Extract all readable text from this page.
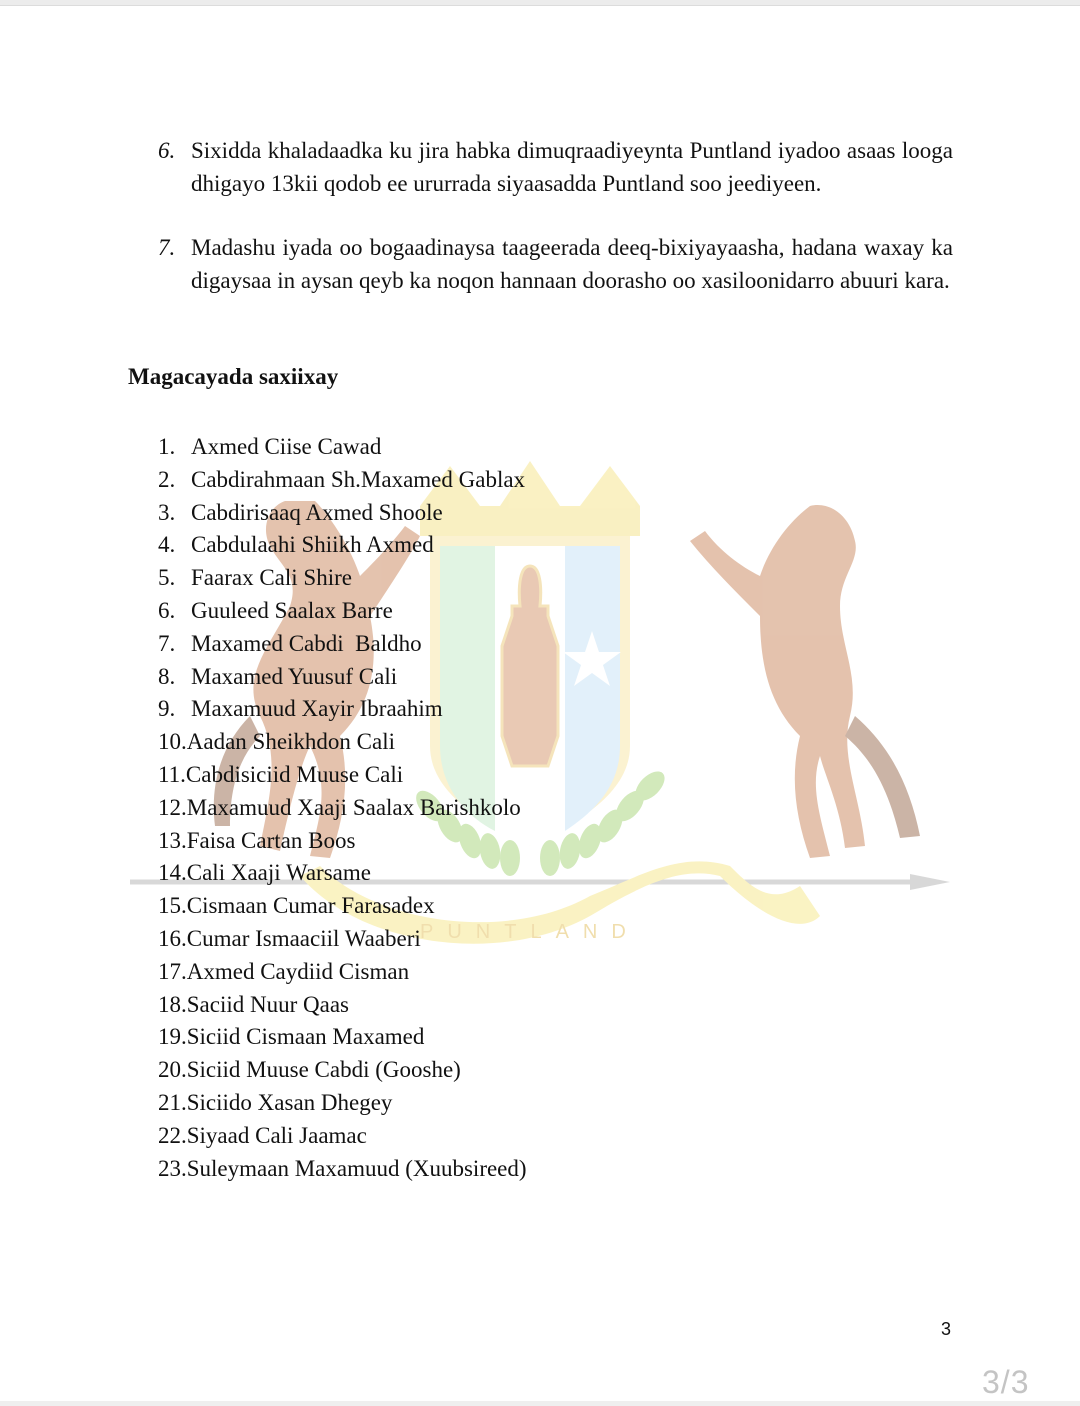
PUNTLAND
6. Sixidda khaladaadka ku jira habka dimuqraadiyeynta Puntland iyadoo asaas looga dhigayo 13kii qodob ee ururrada siyaasadda Puntland soo jeediyeen.
7. Madashu iyada oo bogaadinaysa taageerada deeq-bixiyayaasha, hadana waxay ka digaysaa in aysan qeyb ka noqon hannaan doorasho oo xasiloonidarro abuuri kara.
Magacayada saxiixay
1. Axmed Ciise Cawad
2. Cabdirahmaan Sh.Maxamed Gablax
3. Cabdirisaaq Axmed Shoole
4. Cabdulaahi Shiikh Axmed
5. Faarax Cali Shire
6. Guuleed Saalax Barre
7. Maxamed Cabdi  Baldho
8. Maxamed Yuusuf Cali
9. Maxamuud Xayir Ibraahim
10.Aadan Sheikhdon Cali
11.Cabdisiciid Muuse Cali
12.Maxamuud Xaaji Saalax Barishkolo
13.Faisa Cartan Boos
14.Cali Xaaji Warsame
15.Cismaan Cumar Farasadex
16.Cumar Ismaaciil Waaberi
17.Axmed Caydiid Cisman
18.Saciid Nuur Qaas
19.Siciid Cismaan Maxamed
20.Siciid Muuse Cabdi (Gooshe)
21.Siciido Xasan Dhegey
22.Siyaad Cali Jaamac
23.Suleymaan Maxamuud (Xuubsireed)
3
3/3
